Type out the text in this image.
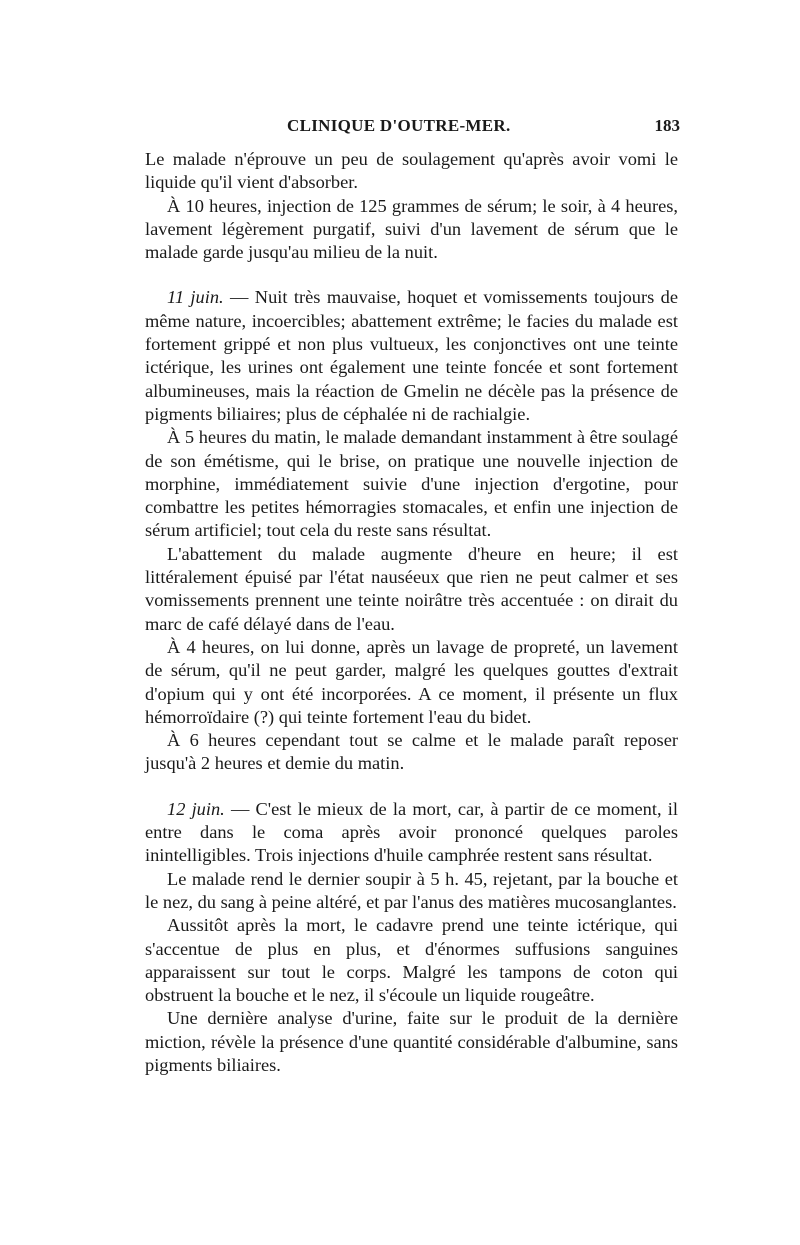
CLINIQUE D'OUTRE-MER.	183

Le malade n'éprouve un peu de soulagement qu'après avoir vomi le liquide qu'il vient d'absorber.

À 10 heures, injection de 125 grammes de sérum; le soir, à 4 heures, lavement légèrement purgatif, suivi d'un lavement de sérum que le malade garde jusqu'au milieu de la nuit.

11 juin. — Nuit très mauvaise, hoquet et vomissements toujours de même nature, incoercibles; abattement extrême; le facies du malade est fortement grippé et non plus vultueux, les conjonctives ont une teinte ictérique, les urines ont également une teinte foncée et sont fortement albumineuses, mais la réaction de Gmelin ne décèle pas la présence de pigments biliaires; plus de céphalée ni de rachialgie.

À 5 heures du matin, le malade demandant instamment à être soulagé de son émétisme, qui le brise, on pratique une nouvelle injection de morphine, immédiatement suivie d'une injection d'ergotine, pour combattre les petites hémorragies stomacales, et enfin une injection de sérum artificiel; tout cela du reste sans résultat.

L'abattement du malade augmente d'heure en heure; il est littéralement épuisé par l'état nauséeux que rien ne peut calmer et ses vomissements prennent une teinte noirâtre très accentuée : on dirait du marc de café délayé dans de l'eau.

À 4 heures, on lui donne, après un lavage de propreté, un lavement de sérum, qu'il ne peut garder, malgré les quelques gouttes d'extrait d'opium qui y ont été incorporées. A ce moment, il présente un flux hémorroïdaire (?) qui teinte fortement l'eau du bidet.

À 6 heures cependant tout se calme et le malade paraît reposer jusqu'à 2 heures et demie du matin.

12 juin. — C'est le mieux de la mort, car, à partir de ce moment, il entre dans le coma après avoir prononcé quelques paroles inintelligibles. Trois injections d'huile camphrée restent sans résultat.

Le malade rend le dernier soupir à 5 h. 45, rejetant, par la bouche et le nez, du sang à peine altéré, et par l'anus des matières mucosanglantes.

Aussitôt après la mort, le cadavre prend une teinte ictérique, qui s'accentue de plus en plus, et d'énormes suffusions sanguines apparaissent sur tout le corps. Malgré les tampons de coton qui obstruent la bouche et le nez, il s'écoule un liquide rougeâtre.

Une dernière analyse d'urine, faite sur le produit de la dernière miction, révèle la présence d'une quantité considérable d'albumine, sans pigments biliaires.
